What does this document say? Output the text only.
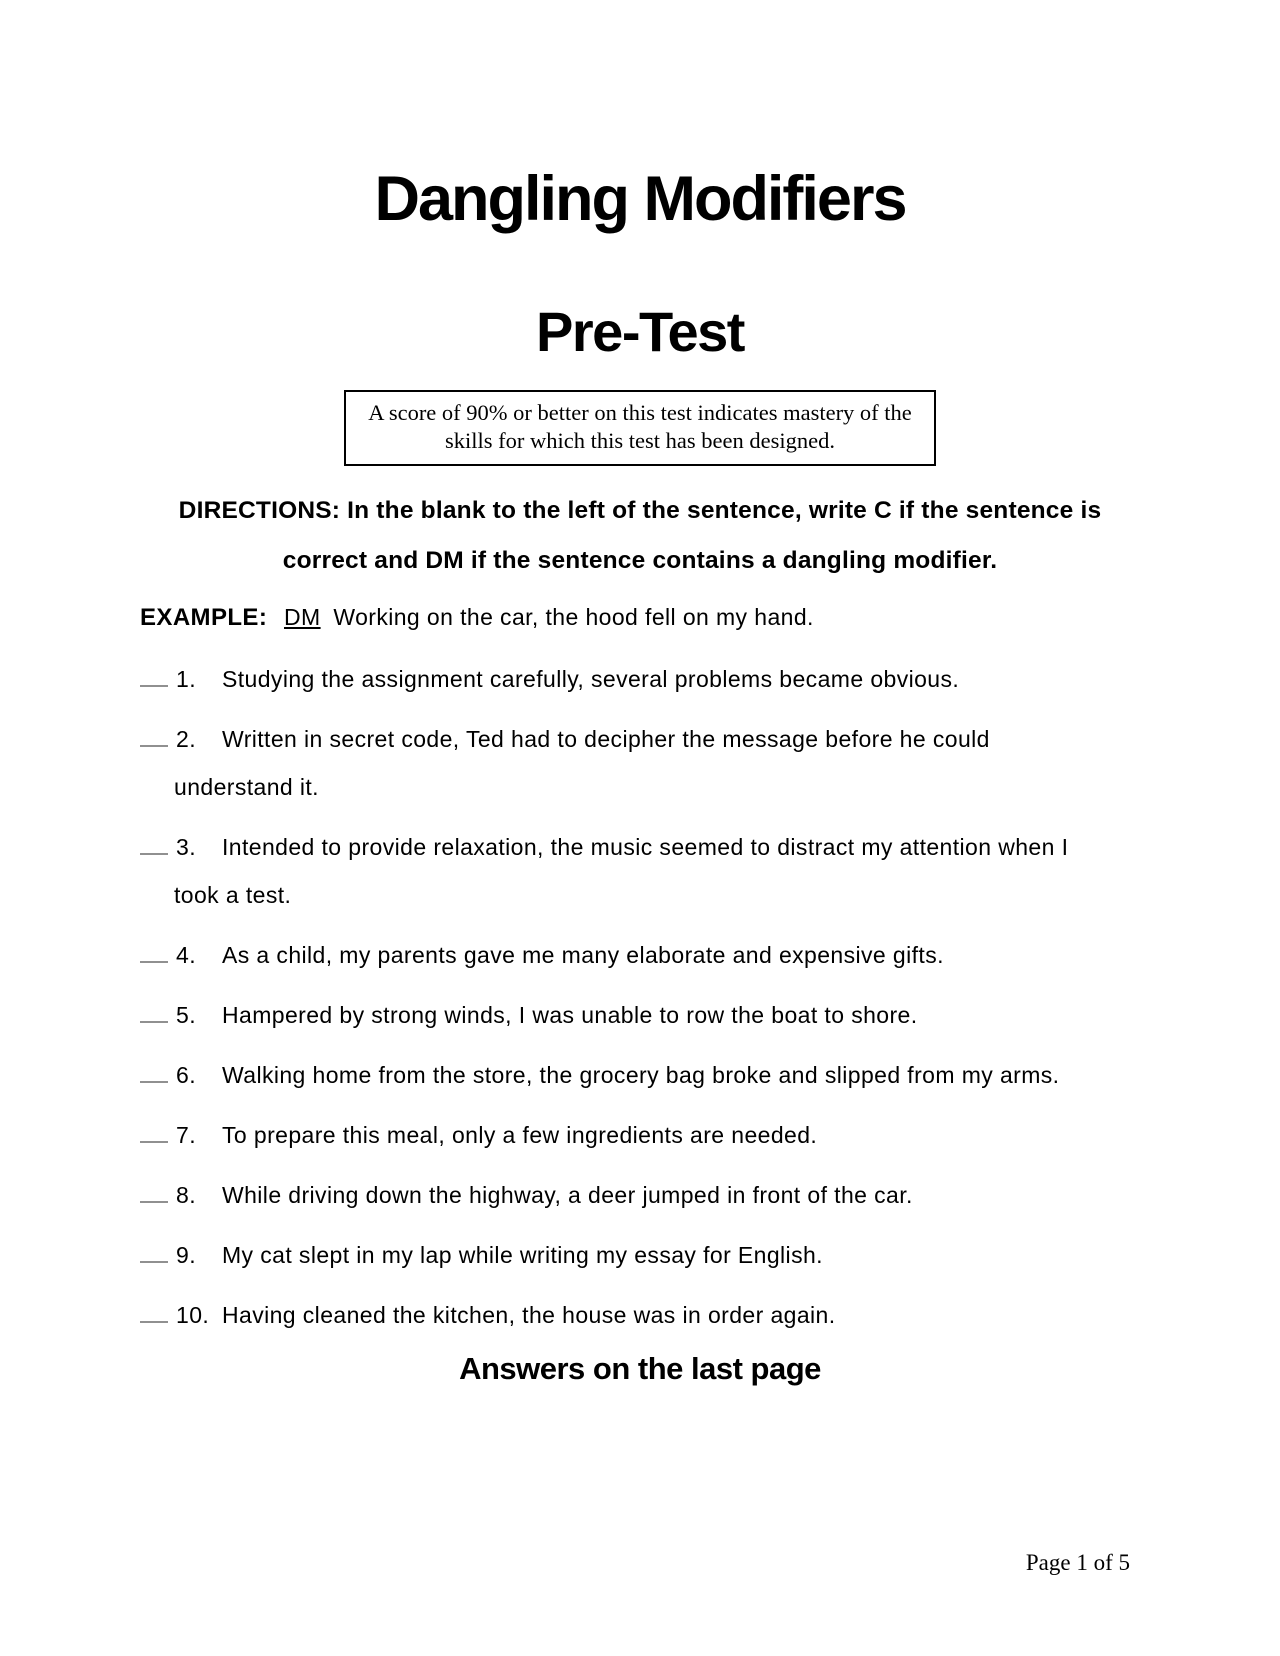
Dangling Modifiers
Pre-Test
A score of 90% or better on this test indicates mastery of the
skills for which this test has been designed.
DIRECTIONS: In the blank to the left of the sentence, write C if the sentence is
correct and DM if the sentence contains a dangling modifier.
EXAMPLE: DM Working on the car, the hood fell on my hand.
1. Studying the assignment carefully, several problems became obvious.
2. Written in secret code, Ted had to decipher the message before he could understand it.
3. Intended to provide relaxation, the music seemed to distract my attention when I took a test.
4. As a child, my parents gave me many elaborate and expensive gifts.
5. Hampered by strong winds, I was unable to row the boat to shore.
6. Walking home from the store, the grocery bag broke and slipped from my arms.
7. To prepare this meal, only a few ingredients are needed.
8. While driving down the highway, a deer jumped in front of the car.
9. My cat slept in my lap while writing my essay for English.
10. Having cleaned the kitchen, the house was in order again.
Answers on the last page
Page 1 of 5
